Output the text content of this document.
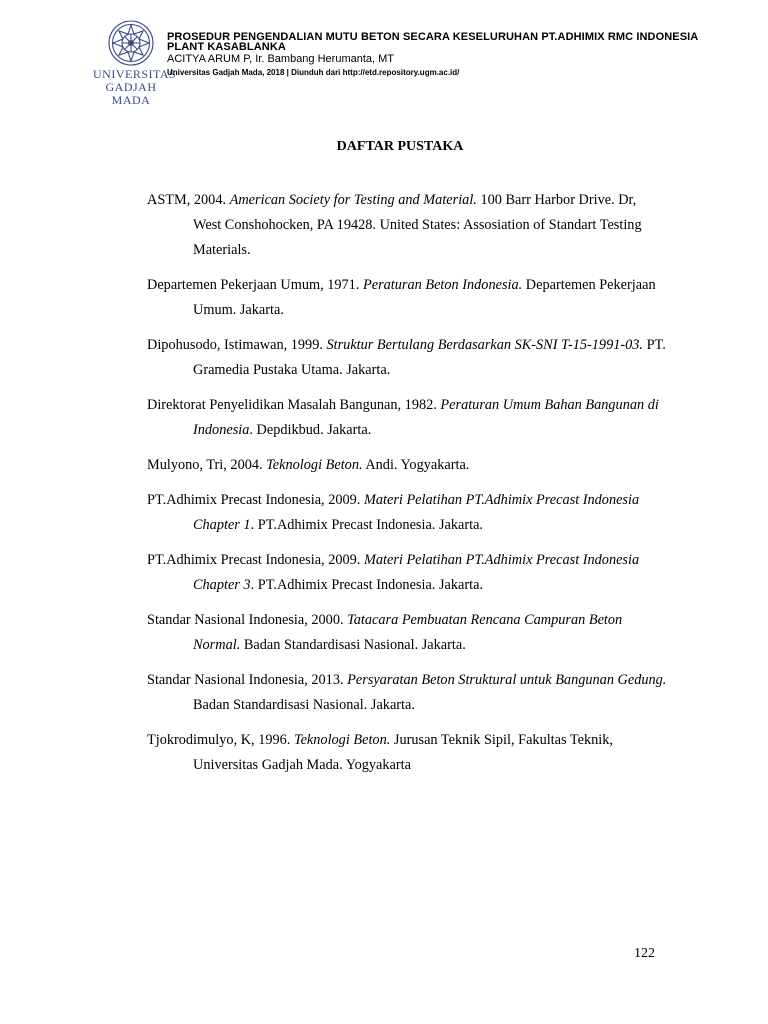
UNIVERSITAS
GADJAH MADA
PROSEDUR PENGENDALIAN MUTU BETON SECARA KESELURUHAN PT.ADHIMIX RMC INDONESIA
PLANT KASABLANKA
ACITYA ARUM P, Ir. Bambang Herumanta, MT
Universitas Gadjah Mada, 2018 | Diunduh dari http://etd.repository.ugm.ac.id/
DAFTAR PUSTAKA

ASTM, 2004. American Society for Testing and Material. 100 Barr Harbor Drive. Dr, West Conshohocken, PA 19428. United States: Assosiation of Standart Testing Materials.

Departemen Pekerjaan Umum, 1971. Peraturan Beton Indonesia. Departemen Pekerjaan Umum. Jakarta.

Dipohusodo, Istimawan, 1999. Struktur Bertulang Berdasarkan SK-SNI T-15-1991-03. PT. Gramedia Pustaka Utama. Jakarta.

Direktorat Penyelidikan Masalah Bangunan, 1982. Peraturan Umum Bahan Bangunan di Indonesia. Depdikbud. Jakarta.

Mulyono, Tri, 2004. Teknologi Beton. Andi. Yogyakarta.

PT.Adhimix Precast Indonesia, 2009. Materi Pelatihan PT.Adhimix Precast Indonesia Chapter 1. PT.Adhimix Precast Indonesia. Jakarta.

PT.Adhimix Precast Indonesia, 2009. Materi Pelatihan PT.Adhimix Precast Indonesia Chapter 3. PT.Adhimix Precast Indonesia. Jakarta.

Standar Nasional Indonesia, 2000. Tatacara Pembuatan Rencana Campuran Beton Normal. Badan Standardisasi Nasional. Jakarta.

Standar Nasional Indonesia, 2013. Persyaratan Beton Struktural untuk Bangunan Gedung. Badan Standardisasi Nasional. Jakarta.

Tjokrodimulyo, K, 1996. Teknologi Beton. Jurusan Teknik Sipil, Fakultas Teknik, Universitas Gadjah Mada. Yogyakarta

122
